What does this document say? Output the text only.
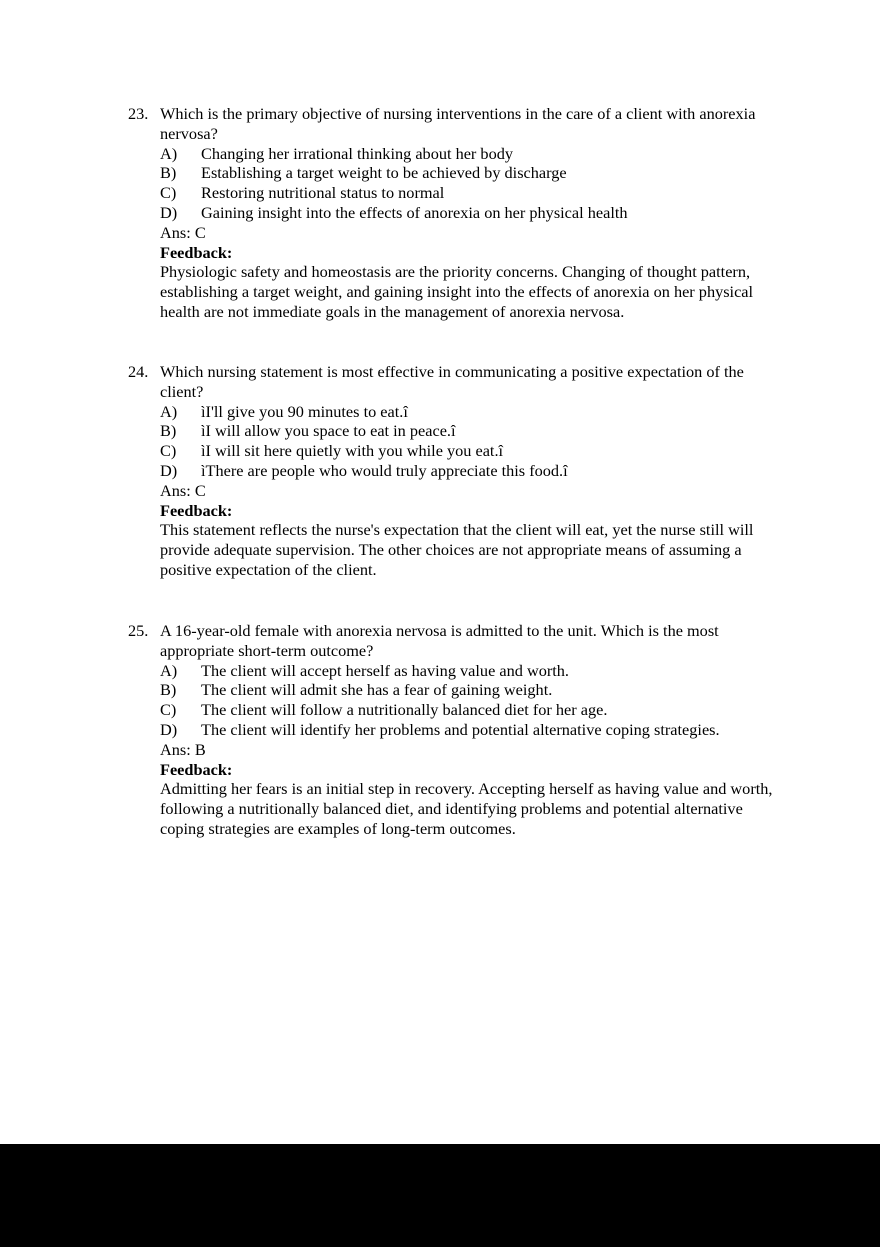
23. Which is the primary objective of nursing interventions in the care of a client with anorexia nervosa?
A)	Changing her irrational thinking about her body
B)	Establishing a target weight to be achieved by discharge
C)	Restoring nutritional status to normal
D)	Gaining insight into the effects of anorexia on her physical health
Ans: C
Feedback:
Physiologic safety and homeostasis are the priority concerns. Changing of thought pattern, establishing a target weight, and gaining insight into the effects of anorexia on her physical health are not immediate goals in the management of anorexia nervosa.
24. Which nursing statement is most effective in communicating a positive expectation of the client?
A)	ìI'll give you 90 minutes to eat.î
B)	ìI will allow you space to eat in peace.î
C)	ìI will sit here quietly with you while you eat.î
D)	ìThere are people who would truly appreciate this food.î
Ans: C
Feedback:
This statement reflects the nurse's expectation that the client will eat, yet the nurse still will provide adequate supervision. The other choices are not appropriate means of assuming a positive expectation of the client.
25. A 16-year-old female with anorexia nervosa is admitted to the unit. Which is the most appropriate short-term outcome?
A)	The client will accept herself as having value and worth.
B)	The client will admit she has a fear of gaining weight.
C)	The client will follow a nutritionally balanced diet for her age.
D)	The client will identify her problems and potential alternative coping strategies.
Ans: B
Feedback:
Admitting her fears is an initial step in recovery. Accepting herself as having value and worth, following a nutritionally balanced diet, and identifying problems and potential alternative coping strategies are examples of long-term outcomes.
